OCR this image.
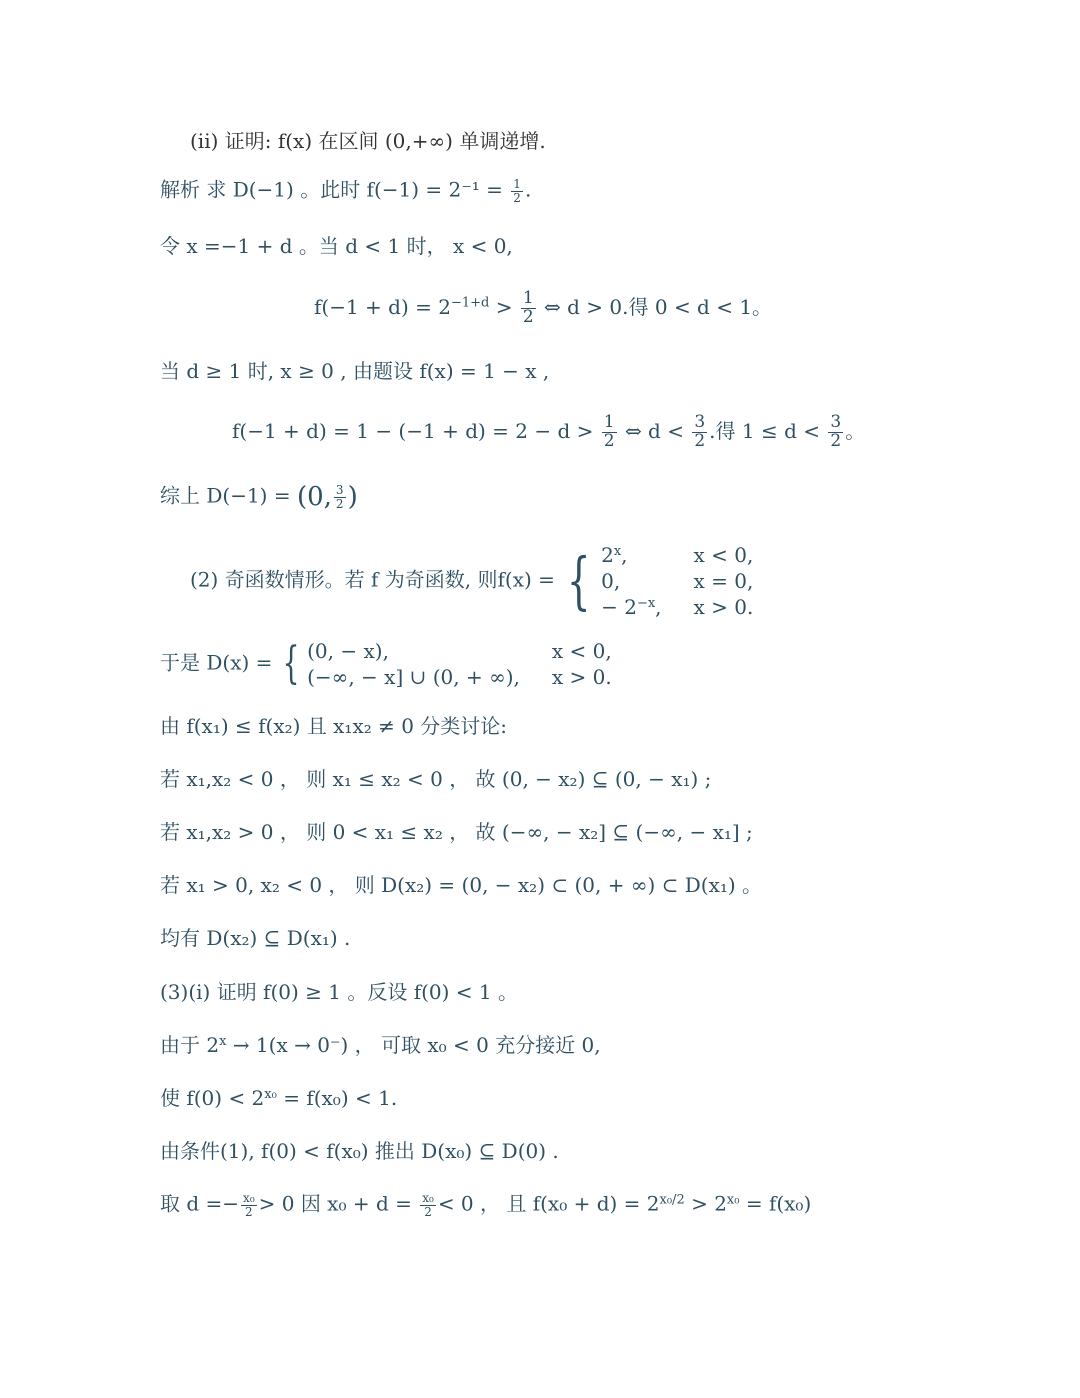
(ii) 证明: f(x) 在区间 (0,+∞) 单调递增.
解析 求 D(−1) 。此时 $f(-1) = 2^{-1} = \frac{1}{2}$ .
令 x =−1 + d 。当 d < 1 时， x < 0,
$f(-1 + d) = 2^{-1+d} > \frac{1}{2}$ ⇔ d > 0.得 0 < d < 1。
当 d ≥ 1 时, x ≥ 0 , 由题设 f(x) = 1 − x ,
$f(-1 + d) = 1 - (-1 + d) = 2 - d > \frac{1}{2}$ ⇔ $d < \frac{3}{2}$ .得 $1 \le d < \frac{3}{2}$ 。
综上 D(−1) = (0, $\frac{3}{2}$ )
(2) 奇函数情形。若 f 为奇函数, 则f(x) = { 2$^x$,	x < 0,
0,	x = 0,
− $2^{-x}$,	x > 0.
于是 D(x) = { (0, − x),	x < 0,
(−∞, − x] ∪ (0, + ∞),	x > 0.
由 f(x₁) ≤ f(x₂) 且 x₁x₂ ≠ 0 分类讨论:
若 x₁,x₂ < 0 ， 则 x₁ ≤ x₂ < 0 ， 故 (0, − x₂) ⊆ (0, − x₁) ;
若 x₁,x₂ > 0 ， 则 0 < x₁ ≤ x₂ ， 故 (−∞, − x₂] ⊆ (−∞, − x₁] ;
若 x₁ > 0, x₂ < 0 ， 则 D(x₂) = (0, − x₂) ⊂ (0, + ∞) ⊂ D(x₁) 。
均有 D(x₂) ⊆ D(x₁) .
(3)(i) 证明 f(0) ≥ 1 。反设 f(0) < 1 。
由于 $2^x \to 1(x \to 0^-)$ ， 可取 x₀ < 0 充分接近 0,
使 $f(0) < 2^{x_0} = f(x_0) < 1$.
由条件(1), f(0) < f(x₀) 推出 D(x₀) ⊆ D(0) .
取 $d =- \frac{\text{x₀}}{2} > 0$ 因 $x_0 + d = \frac{\text{x₀}}{2} < 0$ ， 且 $f(x_0 + d) = 2^{x_0/2} > 2^{x_0} = f(x_0)$
